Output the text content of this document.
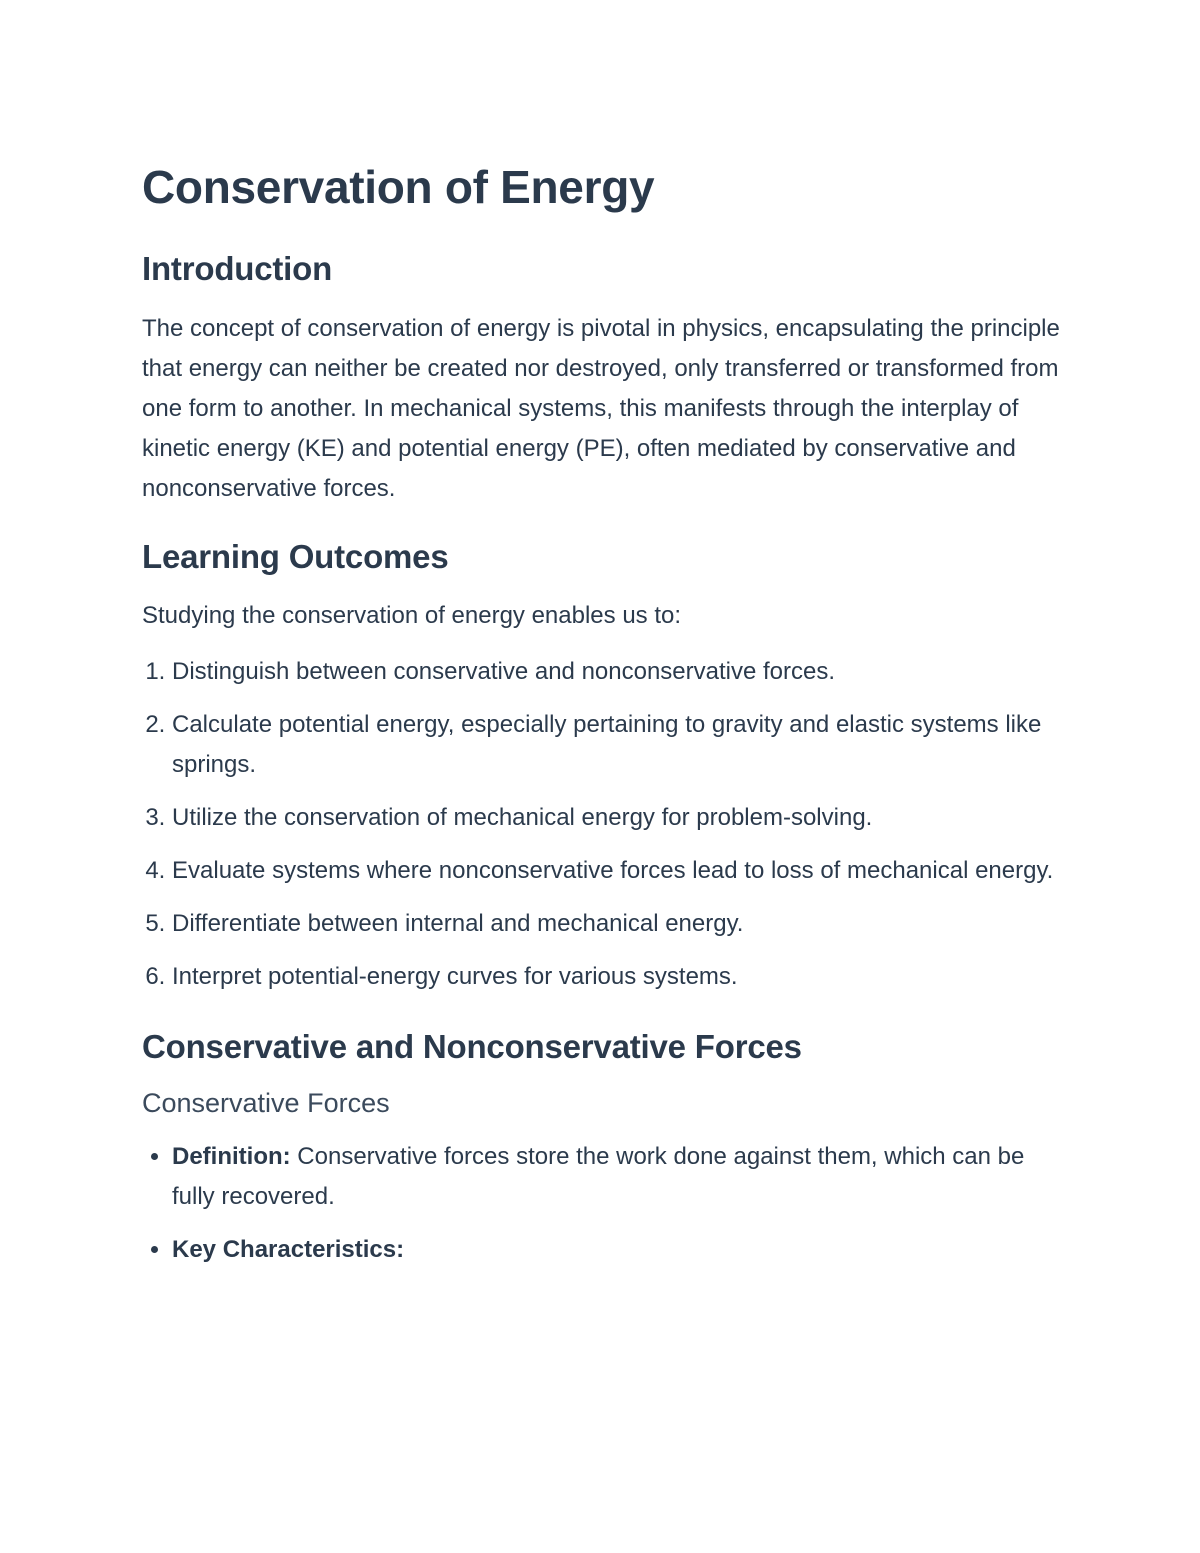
Conservation of Energy
Introduction

The concept of conservation of energy is pivotal in physics, encapsulating the principle that energy can neither be created nor destroyed, only transferred or transformed from one form to another. In mechanical systems, this manifests through the interplay of kinetic energy (KE) and potential energy (PE), often mediated by conservative and nonconservative forces.

Learning Outcomes

Studying the conservation of energy enables us to:

1. Distinguish between conservative and nonconservative forces.
2. Calculate potential energy, especially pertaining to gravity and elastic systems like springs.
3. Utilize the conservation of mechanical energy for problem-solving.
4. Evaluate systems where nonconservative forces lead to loss of mechanical energy.
5. Differentiate between internal and mechanical energy.
6. Interpret potential-energy curves for various systems.
Conservative and Nonconservative Forces
Conservative Forces
• Definition: Conservative forces store the work done against them, which can be fully recovered.
• Key Characteristics:
